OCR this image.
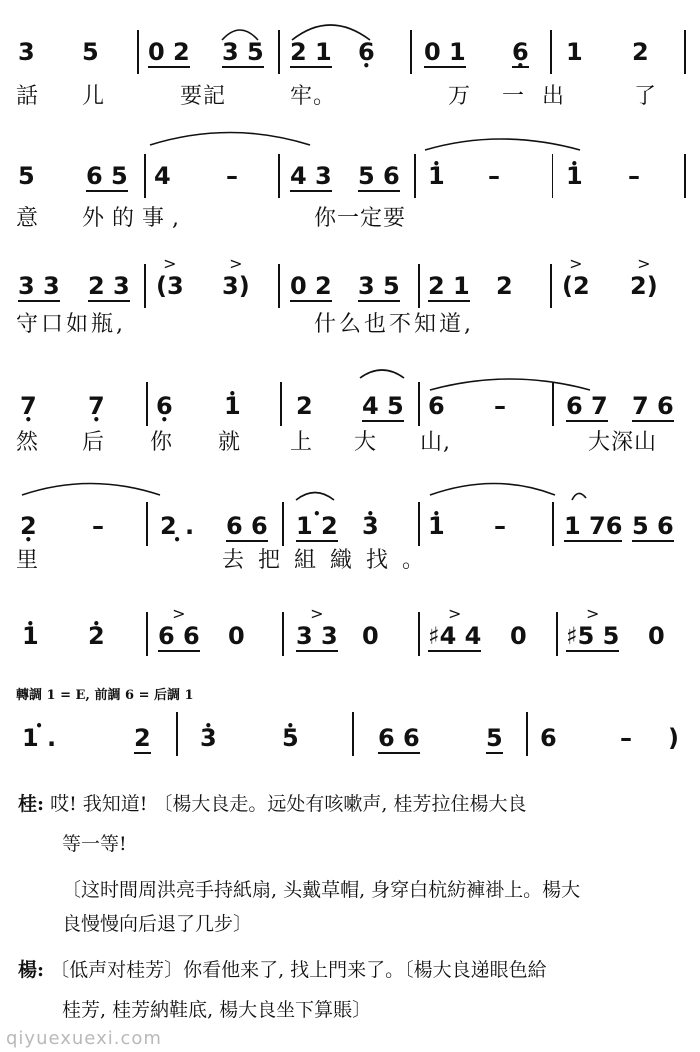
3 5 0 2 3 5 2 1 6 • 0 1 6 • 1 2
話 儿	要記	牢。	万 一出 了
5 6 5 4 – 4 3 5 6 • 1 –	• 1 –
意 外的事,	你一定要
3 3 2 3 > (3 > 3) 0 2 3 5 2 1 2 > (2 > 2)
守口如瓶,	什么也不知道,
7 • 7 • 6 • • 1 2 4 5 6 –	6 7 7 6
然 后 你 就 上 大 山,	大深山
2 • – 2 . • 6 6 • 1 2 • 3 • 1 – 1 76 5 6
里	去把組織找。
• 1 • 2 > 6 6 0 > 3 3 0 > ♯4 4 0 > ♯5 5 0
轉調 1 = E, 前調 6 = 后調 1
• 1 .	2 • 3	• 5	6 6	5 6	– )
桂: 哎! 我知道! 〔楊大良走。远处有咳嗽声, 桂芳拉住楊大良
等一等!
〔这时間周洪亮手持紙扇, 头戴草帽, 身穿白杭紡褲褂上。楊大
良慢慢向后退了几步〕
楊: 〔低声对桂芳〕你看他来了, 找上門来了。〔楊大良递眼色給
桂芳, 桂芳納鞋底, 楊大良坐下算賬〕
qiyuexuexi.com
